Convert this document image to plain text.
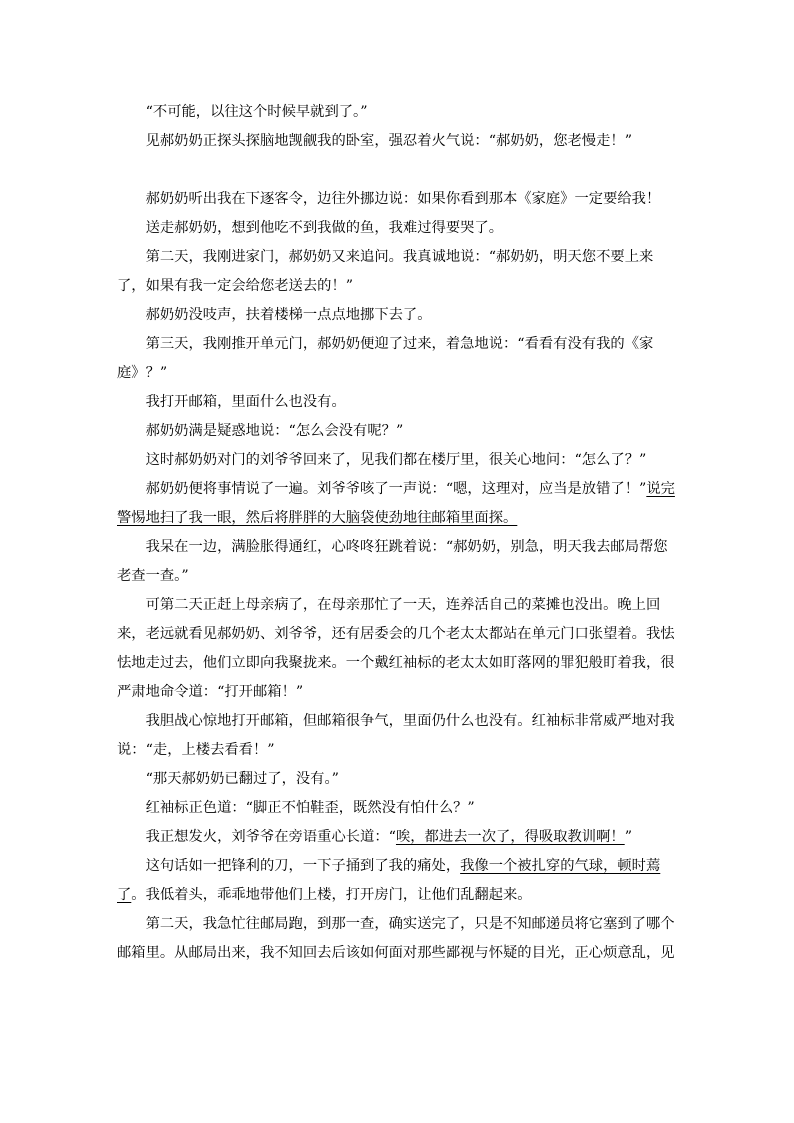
“不可能，以往这个时候早就到了。”

见郝奶奶正探头探脑地觊觎我的卧室，强忍着火气说：“郝奶奶，您老慢走！”

郝奶奶听出我在下逐客令，边往外挪边说：如果你看到那本《家庭》一定要给我！

送走郝奶奶，想到他吃不到我做的鱼，我难过得要哭了。

第二天，我刚进家门，郝奶奶又来追问。我真诚地说：“郝奶奶，明天您不要上来了，如果有我一定会给您老送去的！”

郝奶奶没吱声，扶着楼梯一点点地挪下去了。

第三天，我刚推开单元门，郝奶奶便迎了过来，着急地说：“看看有没有我的《家庭》？”

我打开邮箱，里面什么也没有。

郝奶奶满是疑惑地说：“怎么会没有呢？”

这时郝奶奶对门的刘爷爷回来了，见我们都在楼厅里，很关心地问：“怎么了？”

郝奶奶便将事情说了一遍。刘爷爷咳了一声说：“嗯，这理对，应当是放错了！”说完警惕地扫了我一眼，然后将胖胖的大脑袋使劲地往邮箱里面探。

我呆在一边，满脸胀得通红，心咚咚狂跳着说：“郝奶奶，别急，明天我去邮局帮您老查一查。”

可第二天正赶上母亲病了，在母亲那忙了一天，连养活自己的菜摊也没出。晚上回来，老远就看见郝奶奶、刘爷爷，还有居委会的几个老太太都站在单元门口张望着。我怯怯地走过去，他们立即向我聚拢来。一个戴红袖标的老太太如盯落网的罪犯般盯着我，很严肃地命令道：“打开邮箱！”

我胆战心惊地打开邮箱，但邮箱很争气，里面仍什么也没有。红袖标非常威严地对我说：“走，上楼去看看！”

“那天郝奶奶已翻过了，没有。”

红袖标正色道：“脚正不怕鞋歪，既然没有怕什么？”

我正想发火，刘爷爷在旁语重心长道：“唉，都进去一次了，得吸取教训啊！”

这句话如一把锋利的刀，一下子捅到了我的痛处，我像一个被扎穿的气球，顿时蔫了。我低着头，乖乖地带他们上楼，打开房门，让他们乱翻起来。

第二天，我急忙往邮局跑，到那一查，确实送完了，只是不知邮递员将它塞到了哪个邮箱里。从邮局出来，我不知回去后该如何面对那些鄙视与怀疑的目光，正心烦意乱，见
